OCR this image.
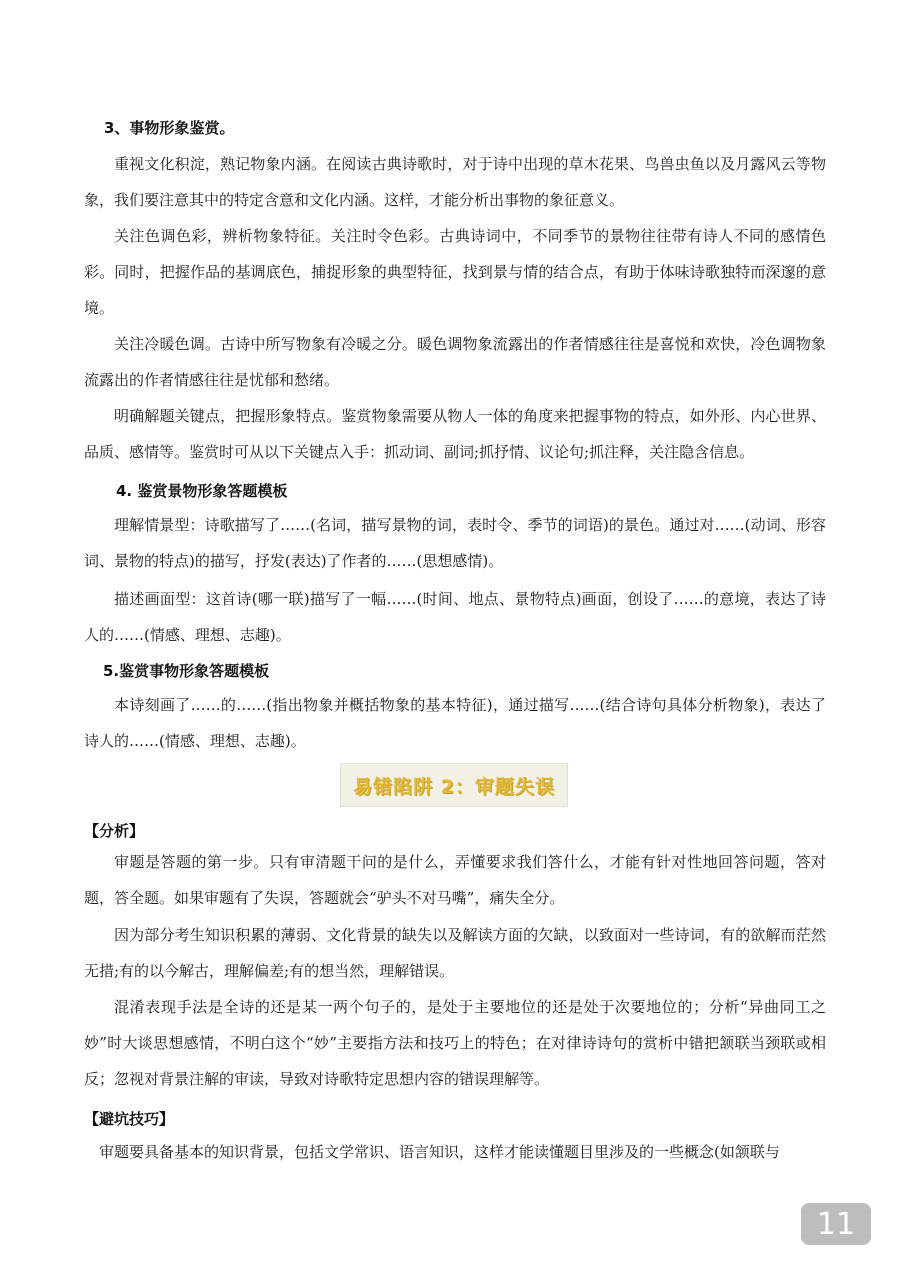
3、事物形象鉴赏。

重视文化积淀，熟记物象内涵。在阅读古典诗歌时，对于诗中出现的草木花果、鸟兽虫鱼以及月露风云等物象，我们要注意其中的特定含意和文化内涵。这样，才能分析出事物的象征意义。

关注色调色彩，辨析物象特征。关注时令色彩。古典诗词中，不同季节的景物往往带有诗人不同的感情色彩。同时，把握作品的基调底色，捕捉形象的典型特征，找到景与情的结合点，有助于体味诗歌独特而深邃的意境。

关注冷暖色调。古诗中所写物象有冷暖之分。暖色调物象流露出的作者情感往往是喜悦和欢快，冷色调物象流露出的作者情感往往是忧郁和愁绪。

明确解题关键点，把握形象特点。鉴赏物象需要从物人一体的角度来把握事物的特点，如外形、内心世界、品质、感情等。鉴赏时可从以下关键点入手：抓动词、副词;抓抒情、议论句;抓注释，关注隐含信息。

4. 鉴赏景物形象答题模板

理解情景型：诗歌描写了……(名词，描写景物的词，表时令、季节的词语)的景色。通过对……(动词、形容词、景物的特点)的描写，抒发(表达)了作者的……(思想感情)。

描述画面型：这首诗(哪一联)描写了一幅……(时间、地点、景物特点)画面，创设了……的意境，表达了诗人的……(情感、理想、志趣)。

5.鉴赏事物形象答题模板

本诗刻画了……的……(指出物象并概括物象的基本特征)，通过描写……(结合诗句具体分析物象)，表达了诗人的……(情感、理想、志趣)。

易错陷阱 2：审题失误
【分析】

审题是答题的第一步。只有审清题干问的是什么，弄懂要求我们答什么，才能有针对性地回答问题，答对题，答全题。如果审题有了失误，答题就会“驴头不对马嘴”，痛失全分。

因为部分考生知识积累的薄弱、文化背景的缺失以及解读方面的欠缺，以致面对一些诗词，有的欲解而茫然无措;有的以今解古，理解偏差;有的想当然，理解错误。

混淆表现手法是全诗的还是某一两个句子的，是处于主要地位的还是处于次要地位的；分析“异曲同工之妙”时大谈思想感情，不明白这个“妙”主要指方法和技巧上的特色；在对律诗诗句的赏析中错把颔联当颈联或相反；忽视对背景注解的审读，导致对诗歌特定思想内容的错误理解等。

【避坑技巧】

审题要具备基本的知识背景，包括文学常识、语言知识，这样才能读懂题目里涉及的一些概念(如颔联与

11
